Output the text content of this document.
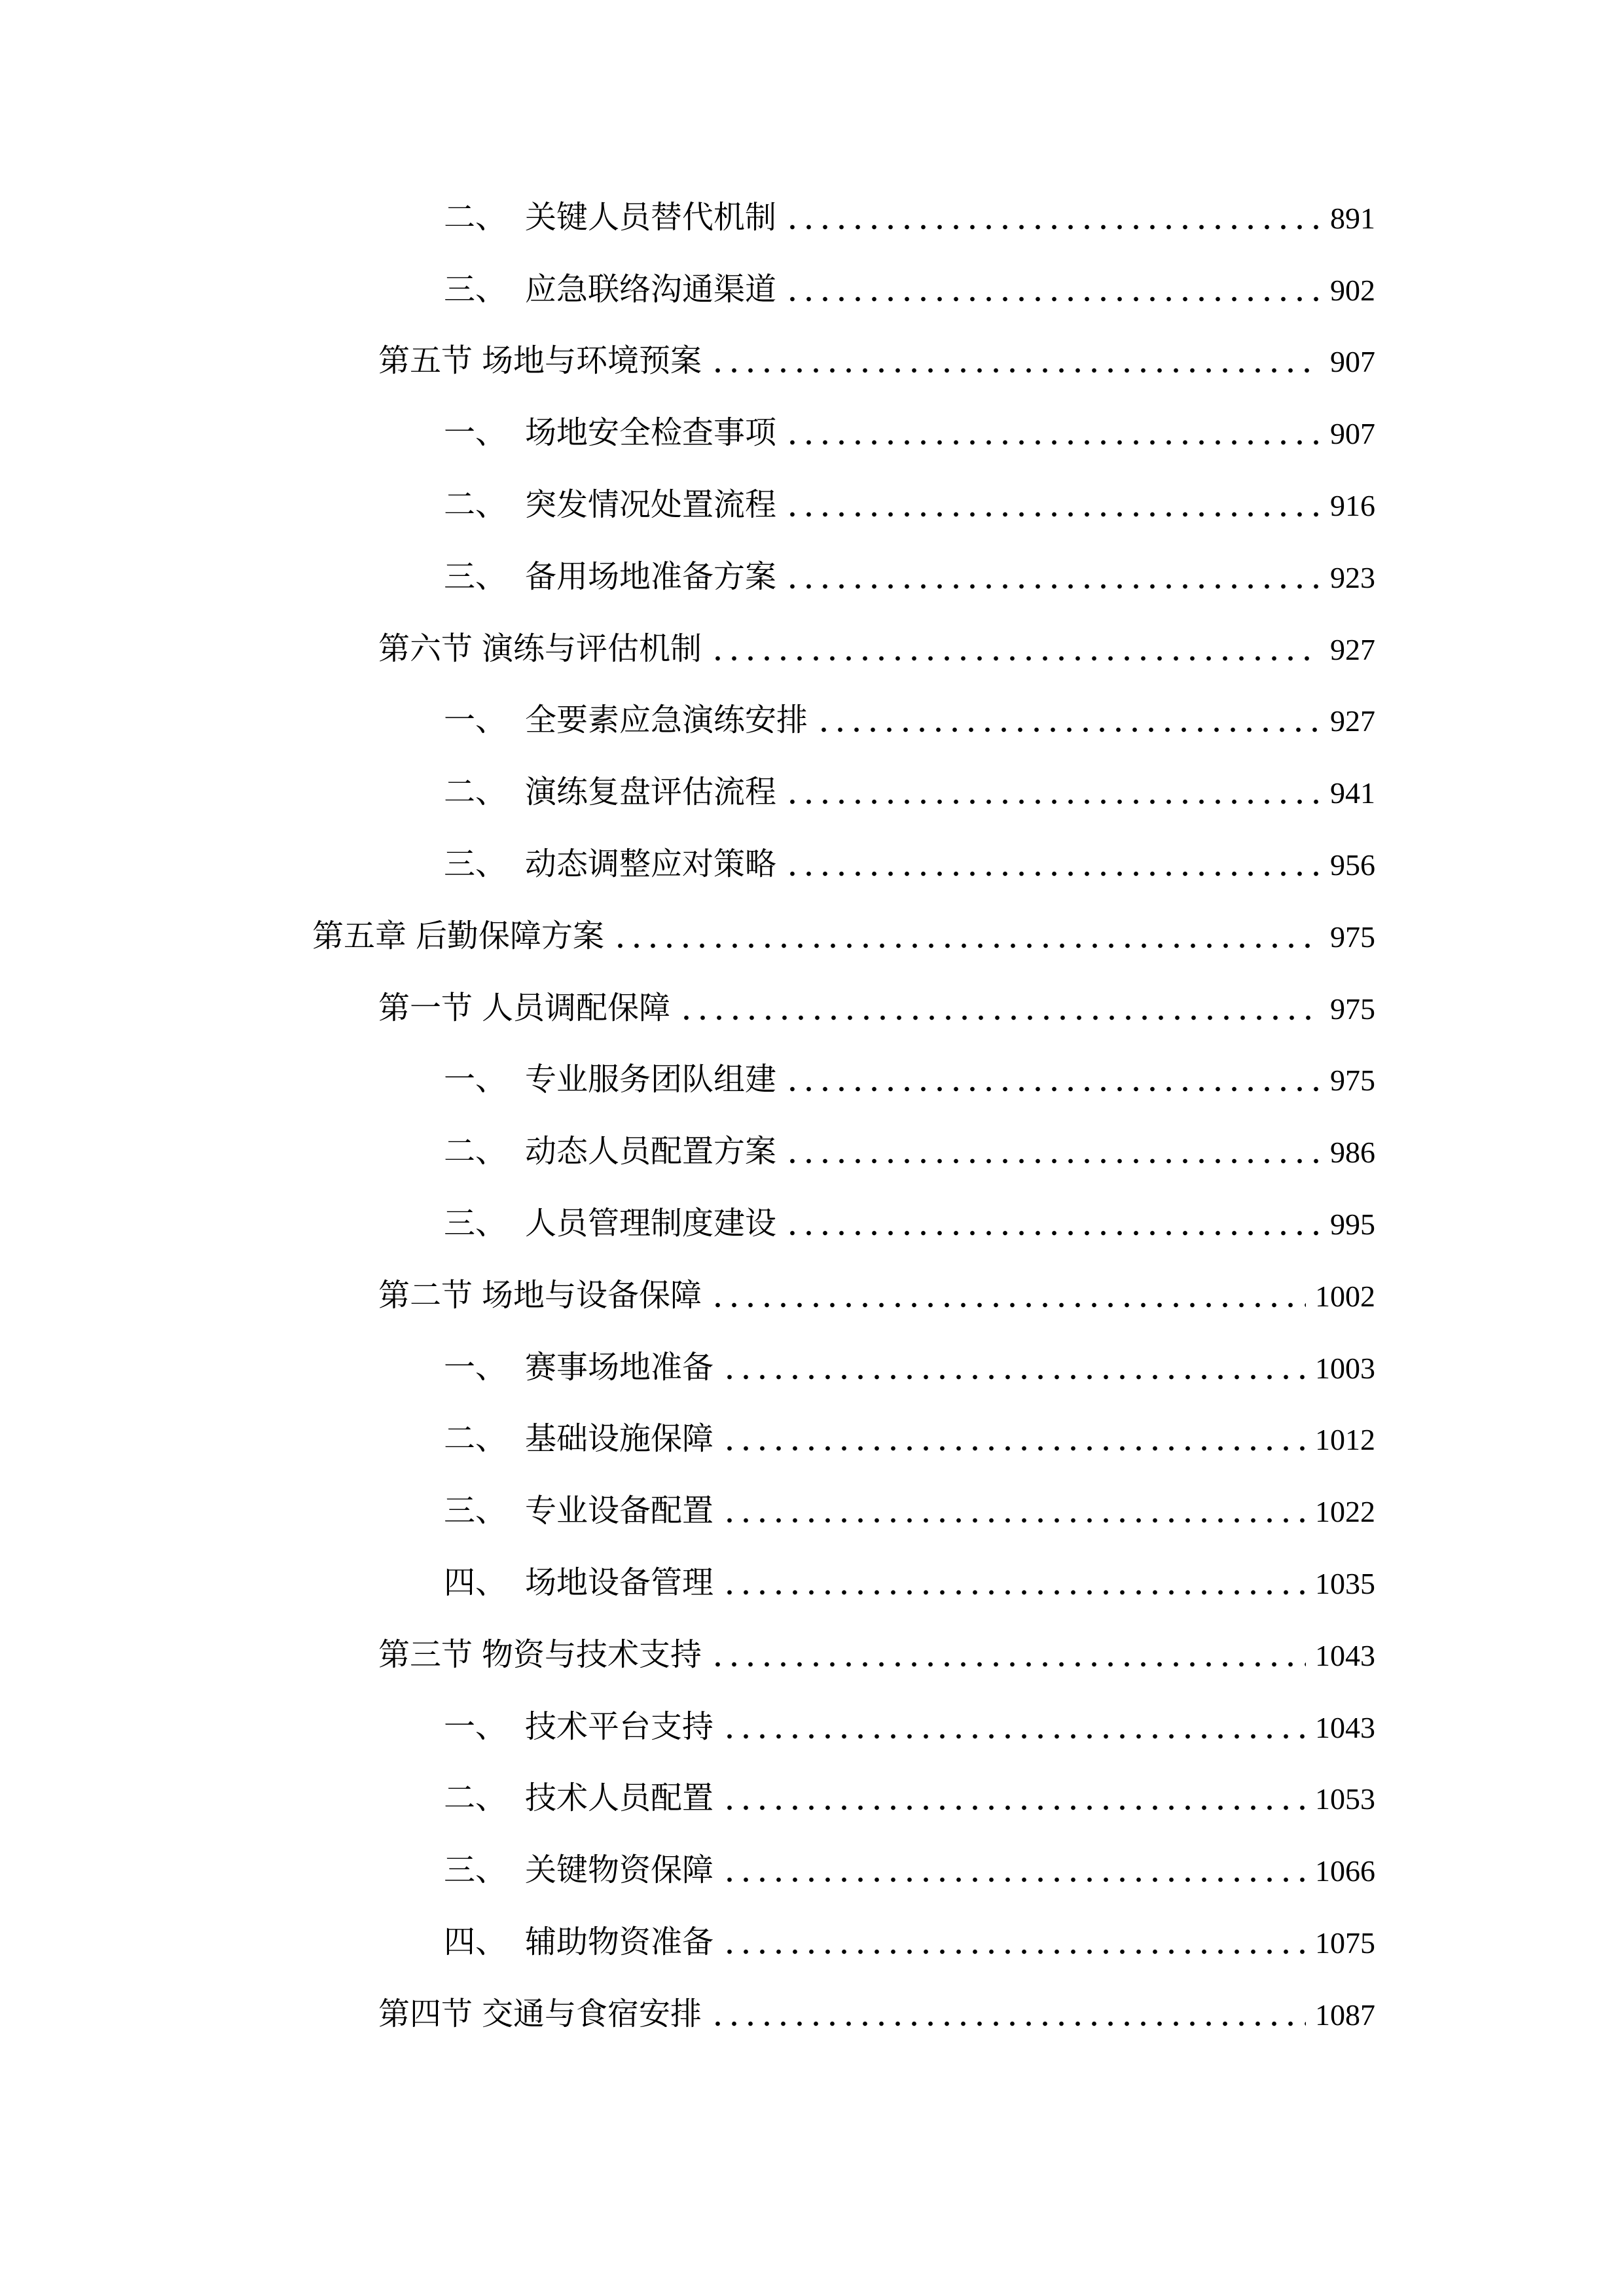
二、 关键人员替代机制	891
三、 应急联络沟通渠道	902
第五节 场地与环境预案	907
一、 场地安全检查事项	907
二、 突发情况处置流程	916
三、 备用场地准备方案	923
第六节 演练与评估机制	927
一、 全要素应急演练安排	927
二、 演练复盘评估流程	941
三、 动态调整应对策略	956
第五章 后勤保障方案	975
第一节 人员调配保障	975
一、 专业服务团队组建	975
二、 动态人员配置方案	986
三、 人员管理制度建设	995
第二节 场地与设备保障	1002
一、 赛事场地准备	1003
二、 基础设施保障	1012
三、 专业设备配置	1022
四、 场地设备管理	1035
第三节 物资与技术支持	1043
一、 技术平台支持	1043
二、 技术人员配置	1053
三、 关键物资保障	1066
四、 辅助物资准备	1075
第四节 交通与食宿安排	1087
